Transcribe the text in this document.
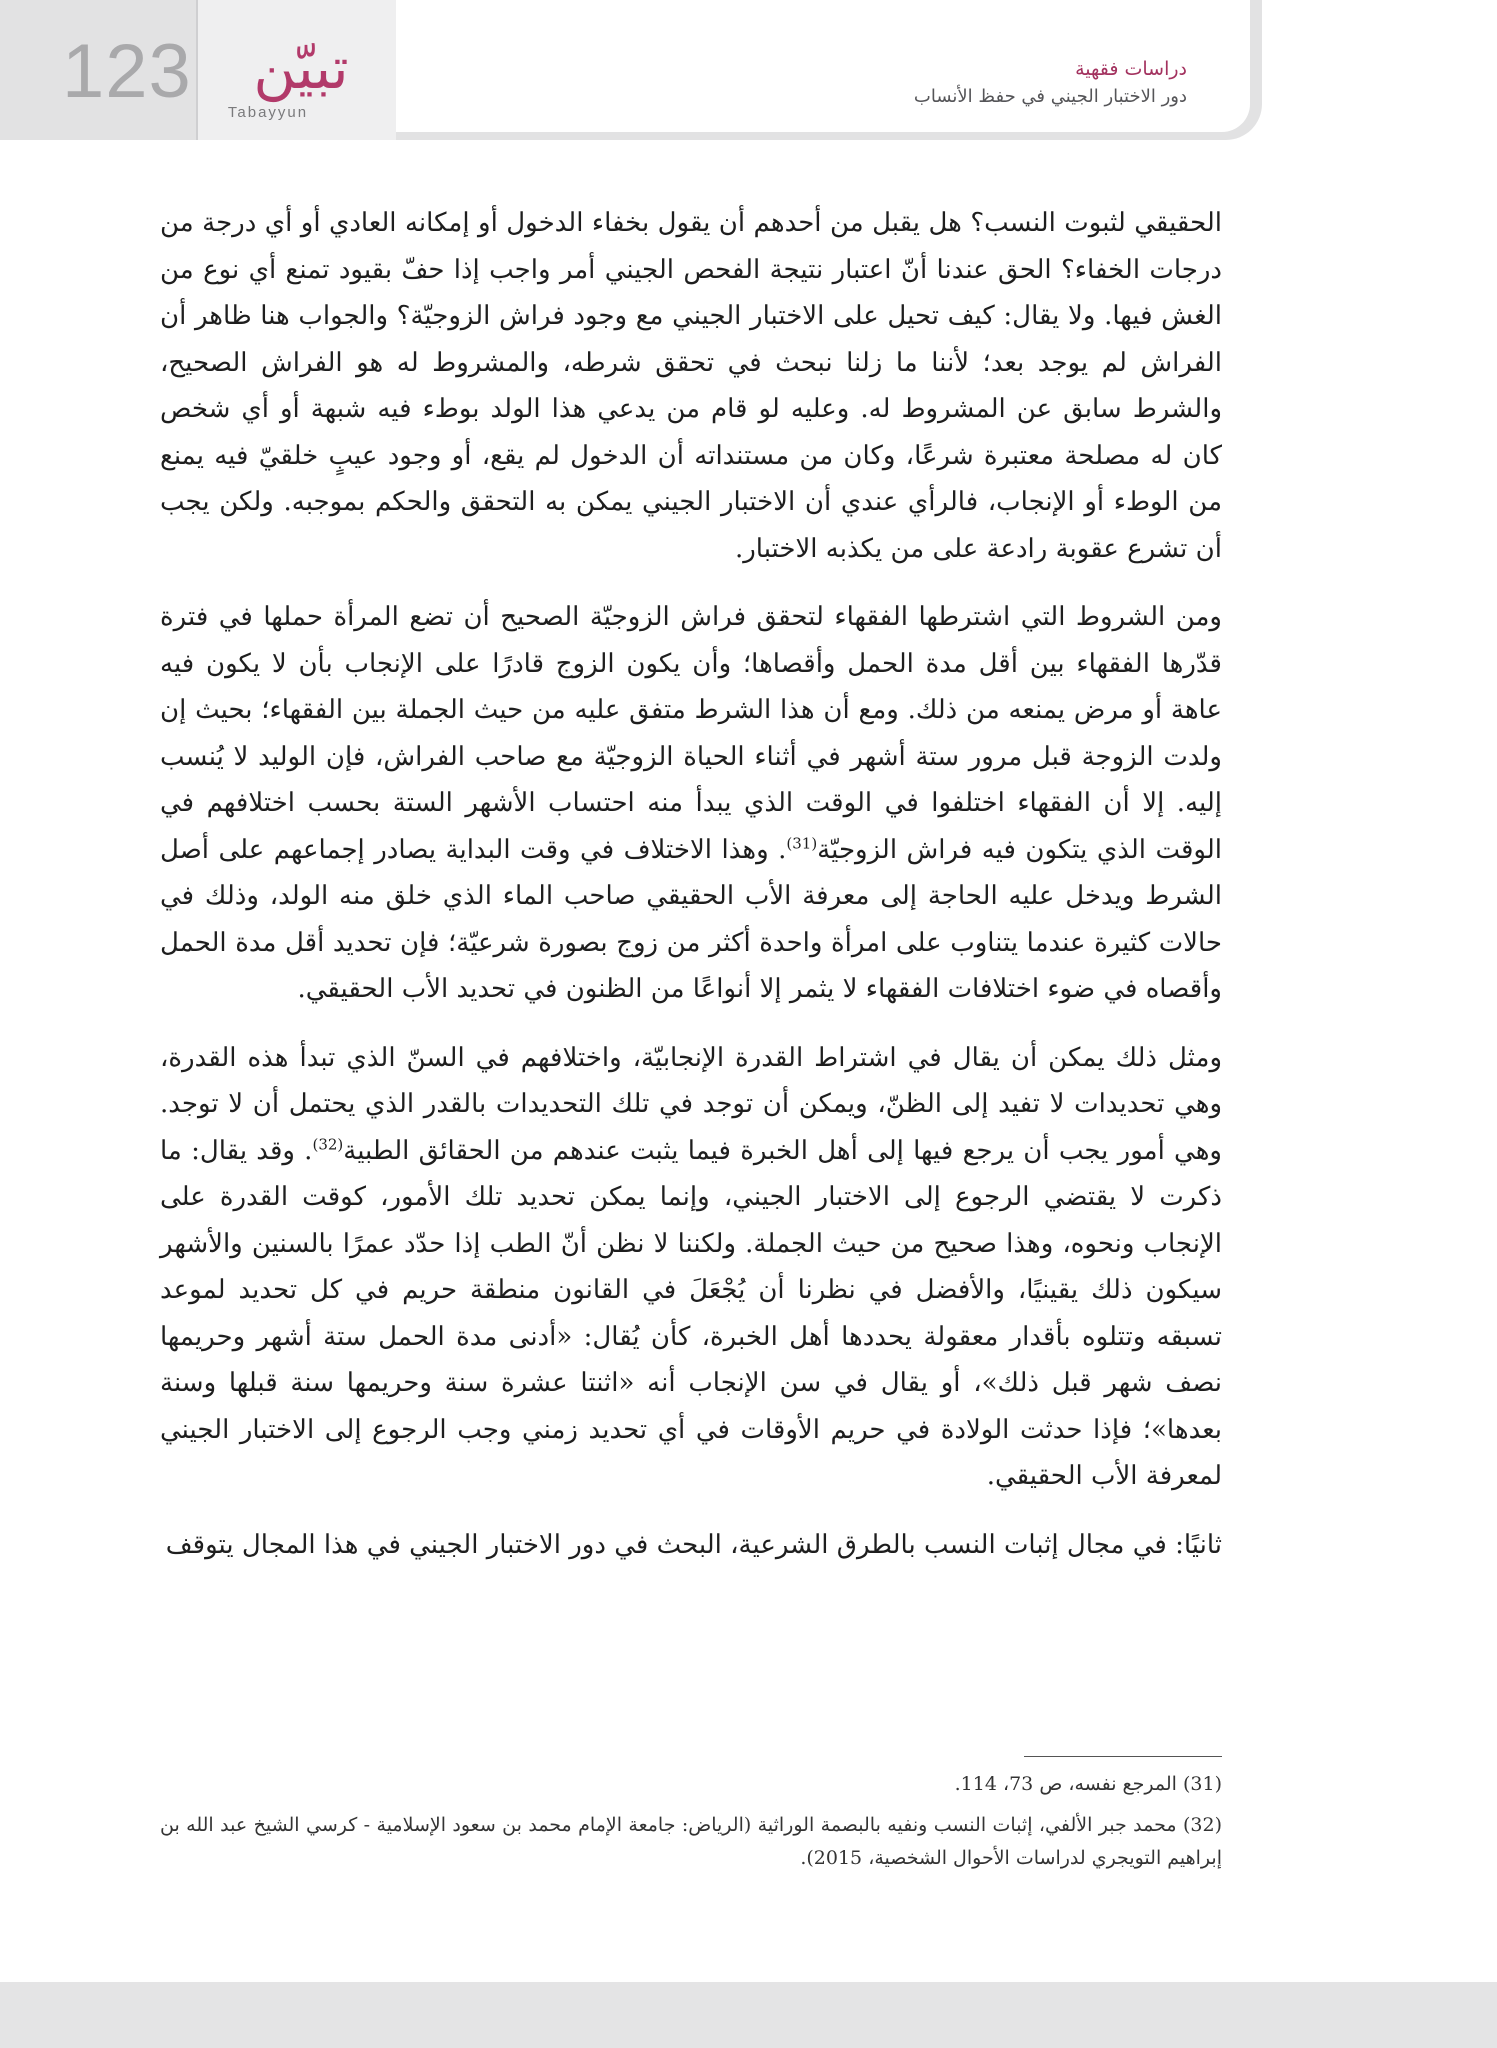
123	تبيّن
Tabayyun
دراسات فقهية
دور الاختبار الجيني في حفظ الأنساب

الحقيقي لثبوت النسب؟ هل يقبل من أحدهم أن يقول بخفاء الدخول أو إمكانه العادي أو أي درجة من درجات الخفاء؟ الحق عندنا أنّ اعتبار نتيجة الفحص الجيني أمر واجب إذا حفّ بقيود تمنع أي نوع من الغش فيها. ولا يقال: كيف تحيل على الاختبار الجيني مع وجود فراش الزوجيّة؟ والجواب هنا ظاهر أن الفراش لم يوجد بعد؛ لأننا ما زلنا نبحث في تحقق شرطه، والمشروط له هو الفراش الصحيح، والشرط سابق عن المشروط له. وعليه لو قام من يدعي هذا الولد بوطء فيه شبهة أو أي شخص كان له مصلحة معتبرة شرعًا، وكان من مستنداته أن الدخول لم يقع، أو وجود عيبٍ خلقيّ فيه يمنع من الوطء أو الإنجاب، فالرأي عندي أن الاختبار الجيني يمكن به التحقق والحكم بموجبه. ولكن يجب أن تشرع عقوبة رادعة على من يكذبه الاختبار.

ومن الشروط التي اشترطها الفقهاء لتحقق فراش الزوجيّة الصحيح أن تضع المرأة حملها في فترة قدّرها الفقهاء بين أقل مدة الحمل وأقصاها؛ وأن يكون الزوج قادرًا على الإنجاب بأن لا يكون فيه عاهة أو مرض يمنعه من ذلك. ومع أن هذا الشرط متفق عليه من حيث الجملة بين الفقهاء؛ بحيث إن ولدت الزوجة قبل مرور ستة أشهر في أثناء الحياة الزوجيّة مع صاحب الفراش، فإن الوليد لا يُنسب إليه. إلا أن الفقهاء اختلفوا في الوقت الذي يبدأ منه احتساب الأشهر الستة بحسب اختلافهم في الوقت الذي يتكون فيه فراش الزوجيّة$^{(31)}$. وهذا الاختلاف في وقت البداية يصادر إجماعهم على أصل الشرط ويدخل عليه الحاجة إلى معرفة الأب الحقيقي صاحب الماء الذي خلق منه الولد، وذلك في حالات كثيرة عندما يتناوب على امرأة واحدة أكثر من زوج بصورة شرعيّة؛ فإن تحديد أقل مدة الحمل وأقصاه في ضوء اختلافات الفقهاء لا يثمر إلا أنواعًا من الظنون في تحديد الأب الحقيقي.

ومثل ذلك يمكن أن يقال في اشتراط القدرة الإنجابيّة، واختلافهم في السنّ الذي تبدأ هذه القدرة، وهي تحديدات لا تفيد إلى الظنّ، ويمكن أن توجد في تلك التحديدات بالقدر الذي يحتمل أن لا توجد. وهي أمور يجب أن يرجع فيها إلى أهل الخبرة فيما يثبت عندهم من الحقائق الطبية$^{(32)}$. وقد يقال: ما ذكرت لا يقتضي الرجوع إلى الاختبار الجيني، وإنما يمكن تحديد تلك الأمور، كوقت القدرة على الإنجاب ونحوه، وهذا صحيح من حيث الجملة. ولكننا لا نظن أنّ الطب إذا حدّد عمرًا بالسنين والأشهر سيكون ذلك يقينيًا، والأفضل في نظرنا أن يُجْعَلَ في القانون منطقة حريم في كل تحديد لموعد تسبقه وتتلوه بأقدار معقولة يحددها أهل الخبرة، كأن يُقال: «أدنى مدة الحمل ستة أشهر وحريمها نصف شهر قبل ذلك»، أو يقال في سن الإنجاب أنه «اثنتا عشرة سنة وحريمها سنة قبلها وسنة بعدها»؛ فإذا حدثت الولادة في حريم الأوقات في أي تحديد زمني وجب الرجوع إلى الاختبار الجيني لمعرفة الأب الحقيقي.

ثانيًا: في مجال إثبات النسب بالطرق الشرعية، البحث في دور الاختبار الجيني في هذا المجال يتوقف

(31) المرجع نفسه، ص 73، 114.

(32) محمد جبر الألفي، إثبات النسب ونفيه بالبصمة الوراثية (الرياض: جامعة الإمام محمد بن سعود الإسلامية - كرسي الشيخ عبد الله بن إبراهيم التويجري لدراسات الأحوال الشخصية، 2015).
